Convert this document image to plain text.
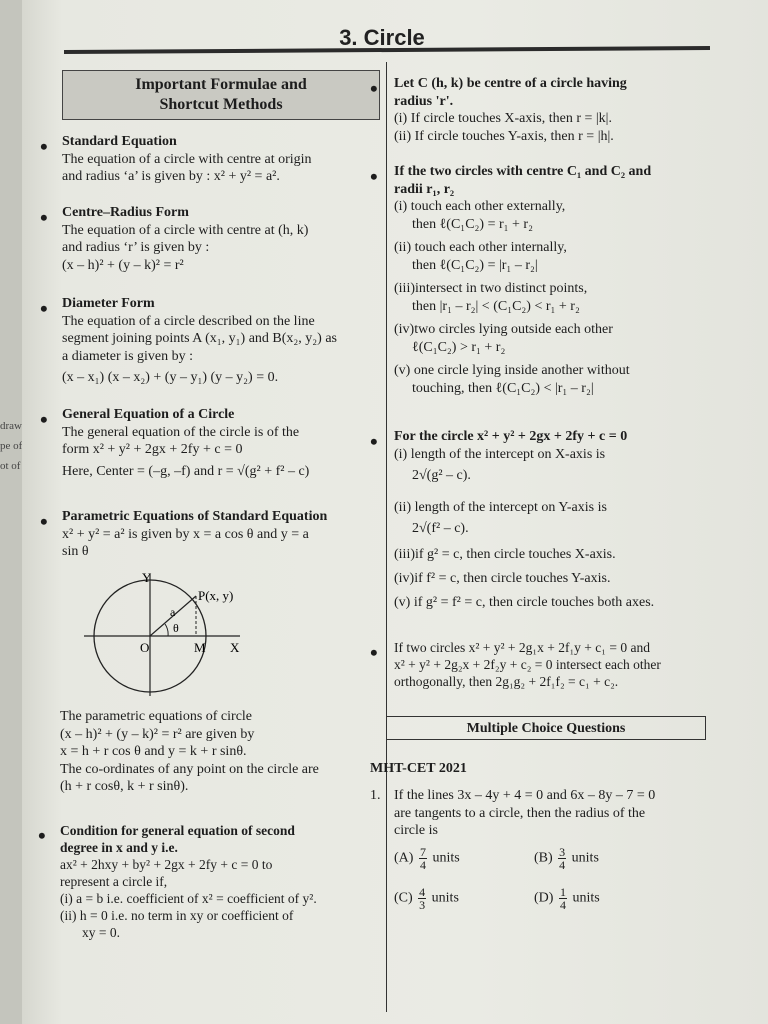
draw
pe of
ot of
3. Circle
Important Formulae and
Shortcut Methods
• Standard Equation
The equation of a circle with centre at origin
and radius ‘a’ is given by : x² + y² = a².
• Centre–Radius Form
The equation of a circle with centre at (h, k)
and radius ‘r’ is given by :
(x – h)² + (y – k)² = r²
• Diameter Form
The equation of a circle described on the line
segment joining points A (x₁, y₁) and B(x₂, y₂) as
a diameter is given by :
(x – x₁) (x – x₂) + (y – y₁) (y – y₂) = 0.
• General Equation of a Circle
The general equation of the circle is of the
form x² + y² + 2gx + 2fy + c = 0
Here, Center = (–g, –f) and r = √(g² + f² – c)
• Parametric Equations of Standard Equation
x² + y² = a² is given by x = a cos θ and y = a
sin θ
Y
X
P(x, y)
O	M
a
θ
The parametric equations of circle
(x – h)² + (y – k)² = r² are given by
x = h + r cos θ and y = k + r sinθ.
The co-ordinates of any point on the circle are
(h + r cosθ, k + r sinθ).
• Condition for general equation of second
degree in x and y i.e.
ax² + 2hxy + by² + 2gx + 2fy + c = 0 to
represent a circle if,
(i) a = b i.e. coefficient of x² = coefficient of y².
(ii) h = 0 i.e. no term in xy or coefficient of
xy = 0.
• Let C (h, k) be centre of a circle having
radius 'r'.
(i) If circle touches X-axis, then r = |k|.
(ii) If circle touches Y-axis, then r = |h|.
• If the two circles with centre C₁ and C₂ and
radii r₁, r₂
(i) touch each other externally,
then ℓ(C₁C₂) = r₁ + r₂
(ii) touch each other internally,
then ℓ(C₁C₂) = |r₁ – r₂|
(iii)intersect in two distinct points,
then |r₁ – r₂| < (C₁C₂) < r₁ + r₂
(iv)two circles lying outside each other
ℓ(C₁C₂) > r₁ + r₂
(v) one circle lying inside another without
touching, then ℓ(C₁C₂) < |r₁ – r₂|
• For the circle x² + y² + 2gx + 2fy + c = 0
(i) length of the intercept on X-axis is
2√(g² – c).
(ii) length of the intercept on Y-axis is
2√(f² – c).
(iii)if g² = c, then circle touches X-axis.
(iv)if f² = c, then circle touches Y-axis.
(v) if g² = f² = c, then circle touches both axes.
• If two circles x² + y² + 2g₁x + 2f₁y + c₁ = 0 and
x² + y² + 2g₂x + 2f₂y + c₂ = 0 intersect each other
orthogonally, then 2g₁g₂ + 2f₁f₂ = c₁ + c₂.
Multiple Choice Questions
MHT-CET 2021
1. If the lines 3x – 4y + 4 = 0 and 6x – 8y – 7 = 0
are tangents to a circle, then the radius of the
circle is
$(A) \frac{7}{4}$ units	$(B) \frac{3}{4}$ units
$(C) \frac{4}{3}$ units	$(D) \frac{1}{4}$ units
